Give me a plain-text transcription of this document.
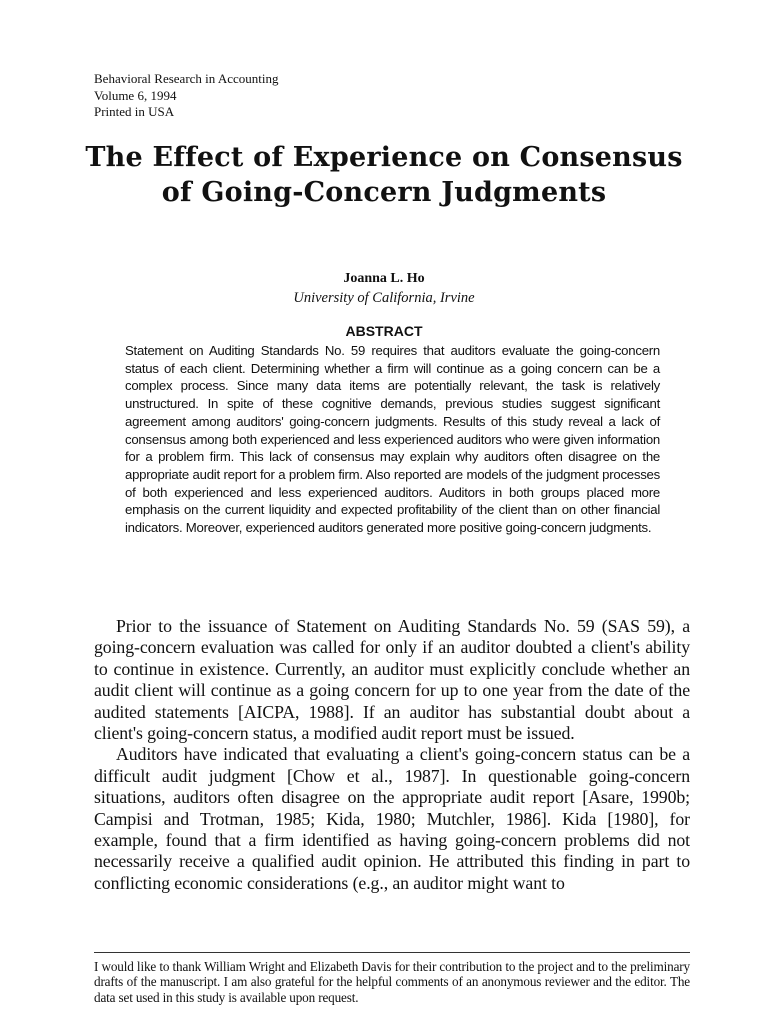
Behavioral Research in Accounting
Volume 6, 1994
Printed in USA
The Effect of Experience on Consensus of Going-Concern Judgments
Joanna L. Ho
University of California, Irvine
ABSTRACT
Statement on Auditing Standards No. 59 requires that auditors evaluate the going-concern status of each client. Determining whether a firm will continue as a going concern can be a complex process. Since many data items are potentially relevant, the task is relatively unstructured. In spite of these cognitive demands, previous studies suggest significant agreement among auditors' going-concern judgments. Results of this study reveal a lack of consensus among both experienced and less experienced auditors who were given information for a problem firm. This lack of consensus may explain why auditors often disagree on the appropriate audit report for a problem firm. Also reported are models of the judgment processes of both experienced and less experienced auditors. Auditors in both groups placed more emphasis on the current liquidity and expected profitability of the client than on other financial indicators. Moreover, experienced auditors generated more positive going-concern judgments.

Prior to the issuance of Statement on Auditing Standards No. 59 (SAS 59), a going-concern evaluation was called for only if an auditor doubted a client's ability to continue in existence. Currently, an auditor must explicitly conclude whether an audit client will continue as a going concern for up to one year from the date of the audited statements [AICPA, 1988]. If an auditor has substantial doubt about a client's going-concern status, a modified audit report must be issued.

Auditors have indicated that evaluating a client's going-concern status can be a difficult audit judgment [Chow et al., 1987]. In questionable going-concern situations, auditors often disagree on the appropriate audit report [Asare, 1990b; Campisi and Trotman, 1985; Kida, 1980; Mutchler, 1986]. Kida [1980], for example, found that a firm identified as having going-concern problems did not necessarily receive a qualified audit opinion. He attributed this finding in part to conflicting economic considerations (e.g., an auditor might want to

I would like to thank William Wright and Elizabeth Davis for their contribution to the project and to the preliminary drafts of the manuscript. I am also grateful for the helpful comments of an anonymous reviewer and the editor. The data set used in this study is available upon request.
